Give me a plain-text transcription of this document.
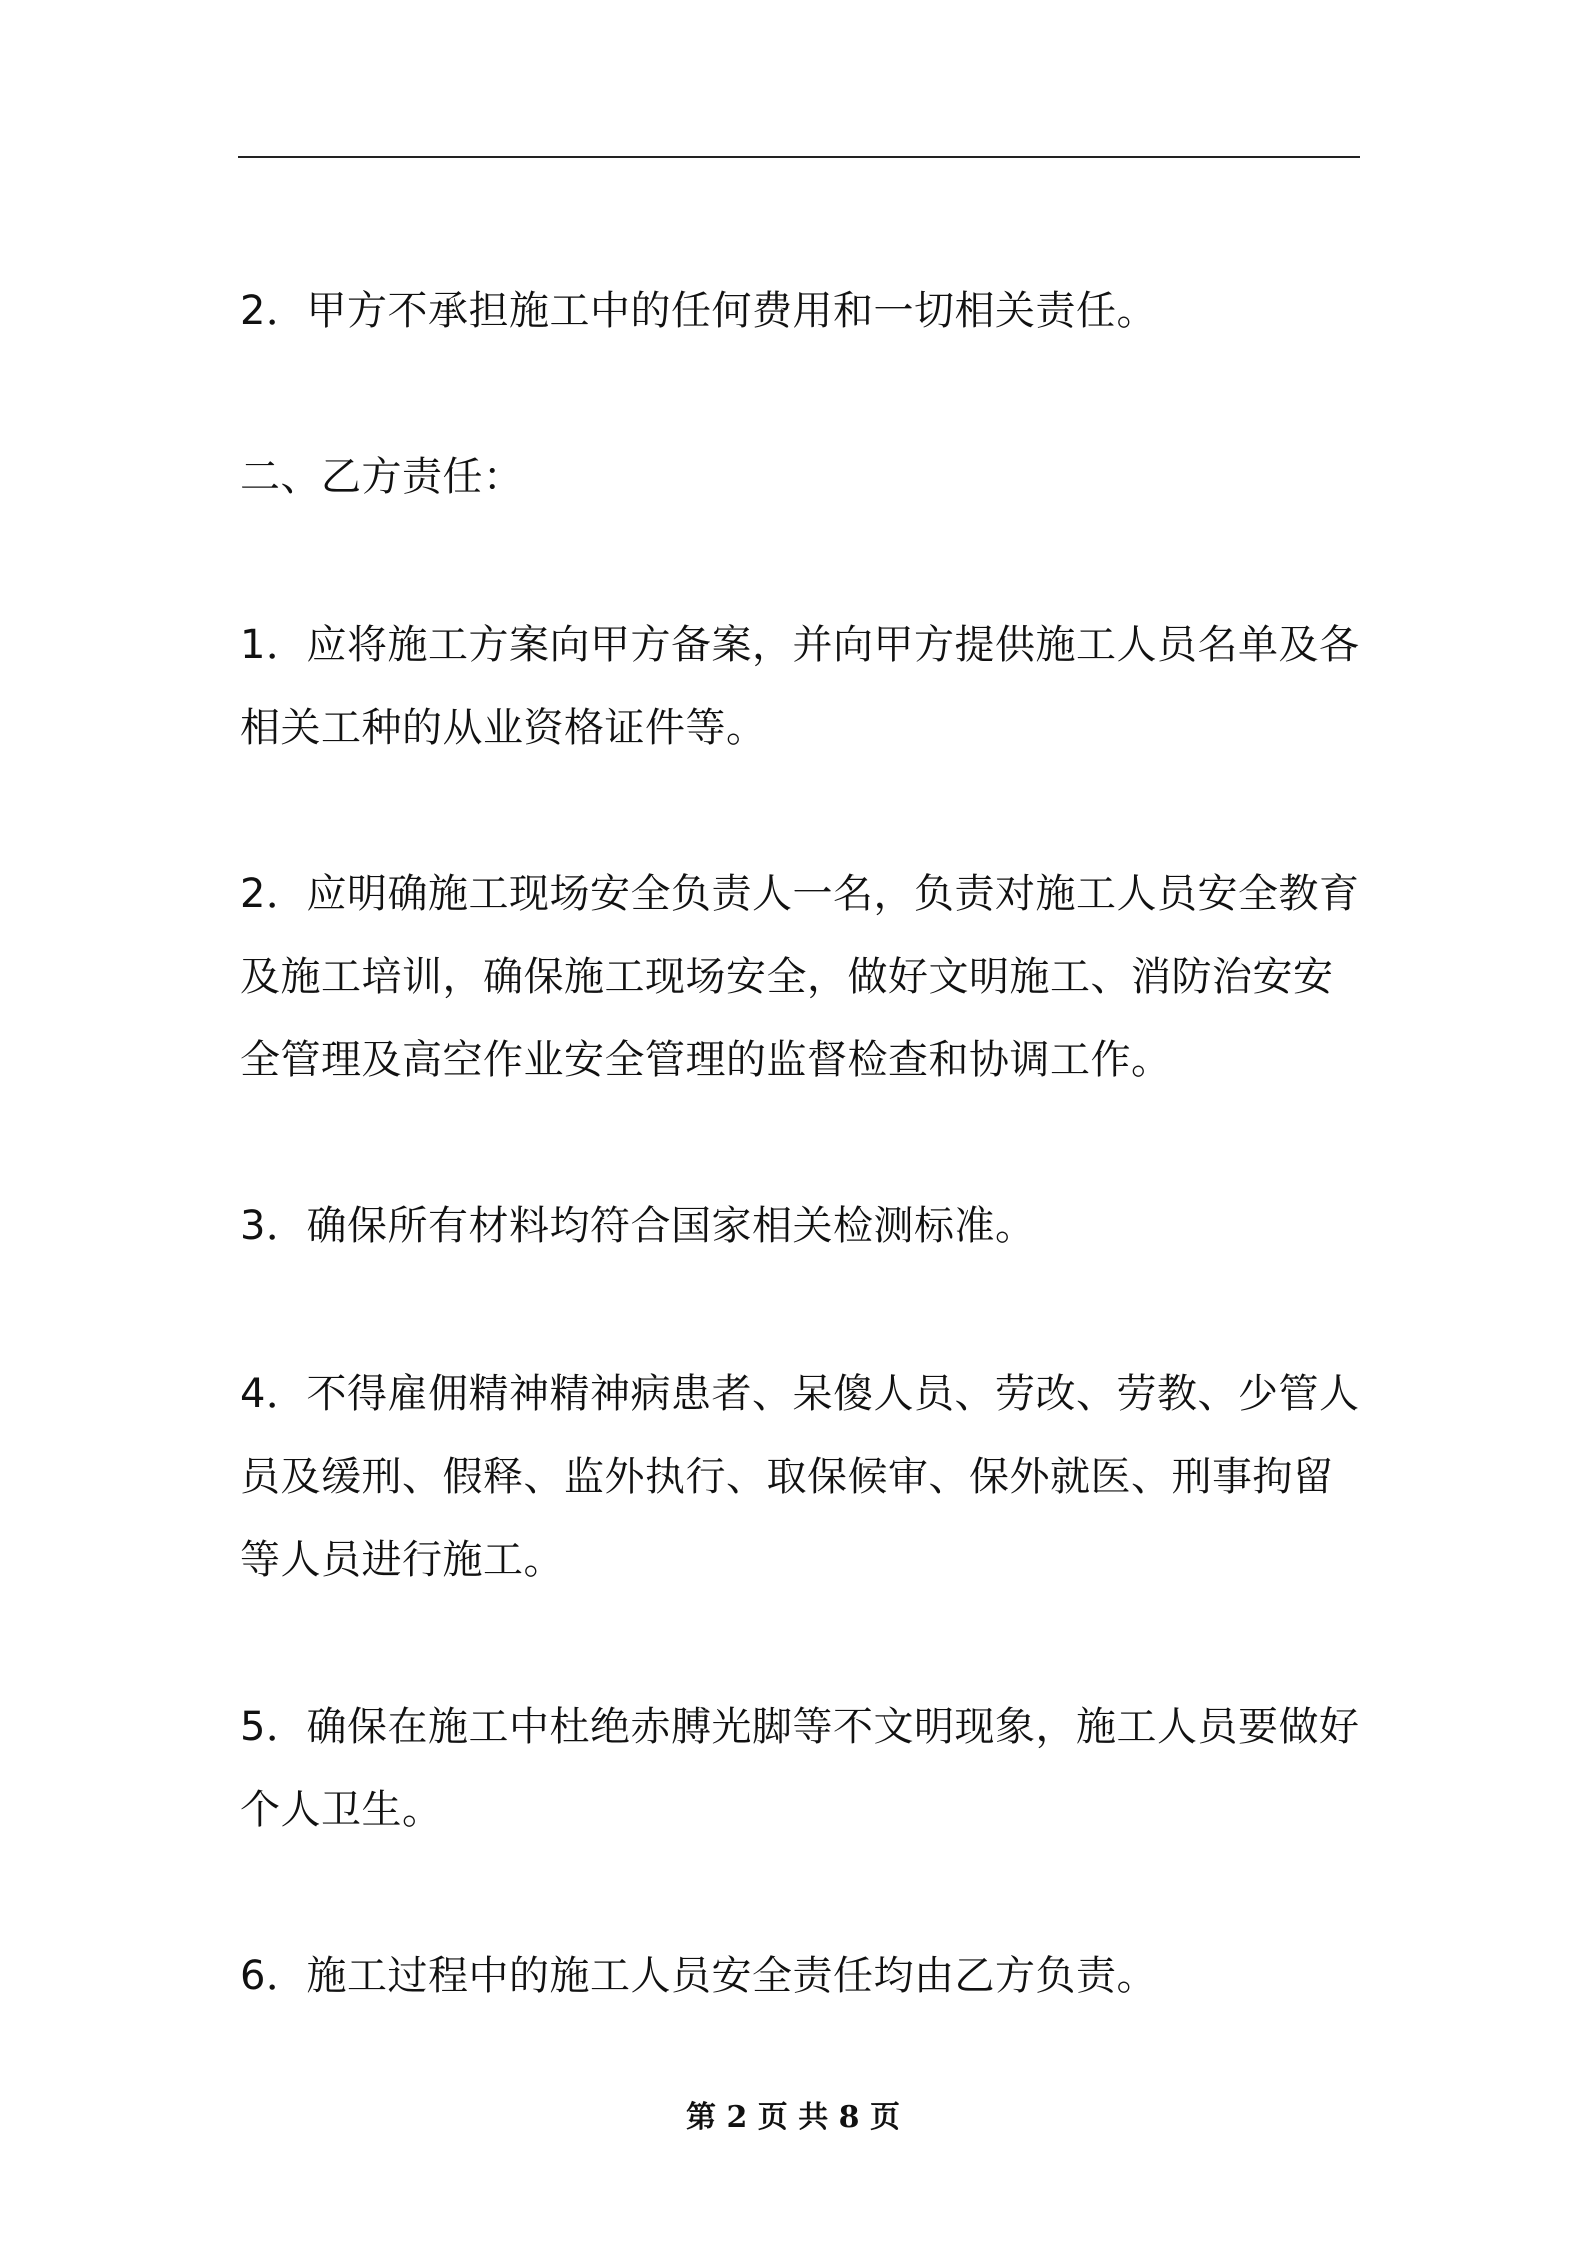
2．甲方不承担施工中的任何费用和一切相关责任。

二、乙方责任：

1．应将施工方案向甲方备案，并向甲方提供施工人员名单及各相关工种的从业资格证件等。

2．应明确施工现场安全负责人一名，负责对施工人员安全教育及施工培训，确保施工现场安全，做好文明施工、消防治安安全管理及高空作业安全管理的监督检查和协调工作。

3．确保所有材料均符合国家相关检测标准。

4．不得雇佣精神精神病患者、呆傻人员、劳改、劳教、少管人员及缓刑、假释、监外执行、取保候审、保外就医、刑事拘留等人员进行施工。

5．确保在施工中杜绝赤膊光脚等不文明现象，施工人员要做好个人卫生。

6．施工过程中的施工人员安全责任均由乙方负责。

第 2 页 共 8 页
